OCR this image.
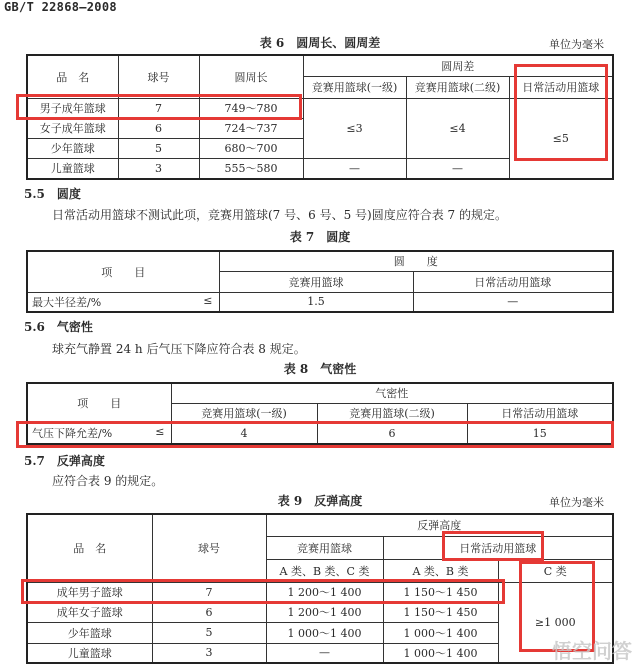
GB/T 22868—2008
表 6　圆周长、圆周差	单位为毫米
品　名	球号	圆周长	圆周差		
			竞赛用篮球(一级)	竞赛用篮球(二级)	日常活动用篮球
男子成年篮球	7	749～780	≤3	≤4	≤5
女子成年篮球	6	724～737			
少年篮球	5	680～700			
儿童篮球	3	555～580	—	—	
5.5　圆度
日常活动用篮球不测试此项，竞赛用篮球(7 号、6 号、5 号)圆度应符合表 7 的规定。
表 7　圆度
项　　目	圆　　度	
	竞赛用篮球	日常活动用篮球
最大半径差/% ≤	1.5	—
5.6　气密性
球充气静置 24 h 后气压下降应符合表 8 规定。
表 8　气密性
项　　目	气密性		
	竞赛用篮球(一级)	竞赛用篮球(二级)	日常活动用篮球
气压下降允差/% ≤	4	6	15
5.7　反弹高度
应符合表 9 的规定。
表 9　反弹高度	单位为毫米
品　名	球号	反弹高度		
		竞赛用篮球	日常活动用篮球	
		A 类、B 类、C 类	A 类、B 类	C 类
成年男子篮球	7	1 200～1 400	1 150～1 450	≥1 000
成年女子篮球	6	1 200～1 400	1 150～1 450	
少年篮球	5	1 000～1 400	1 000～1 400	
儿童篮球	3	—	1 000～1 400		悟空问答
